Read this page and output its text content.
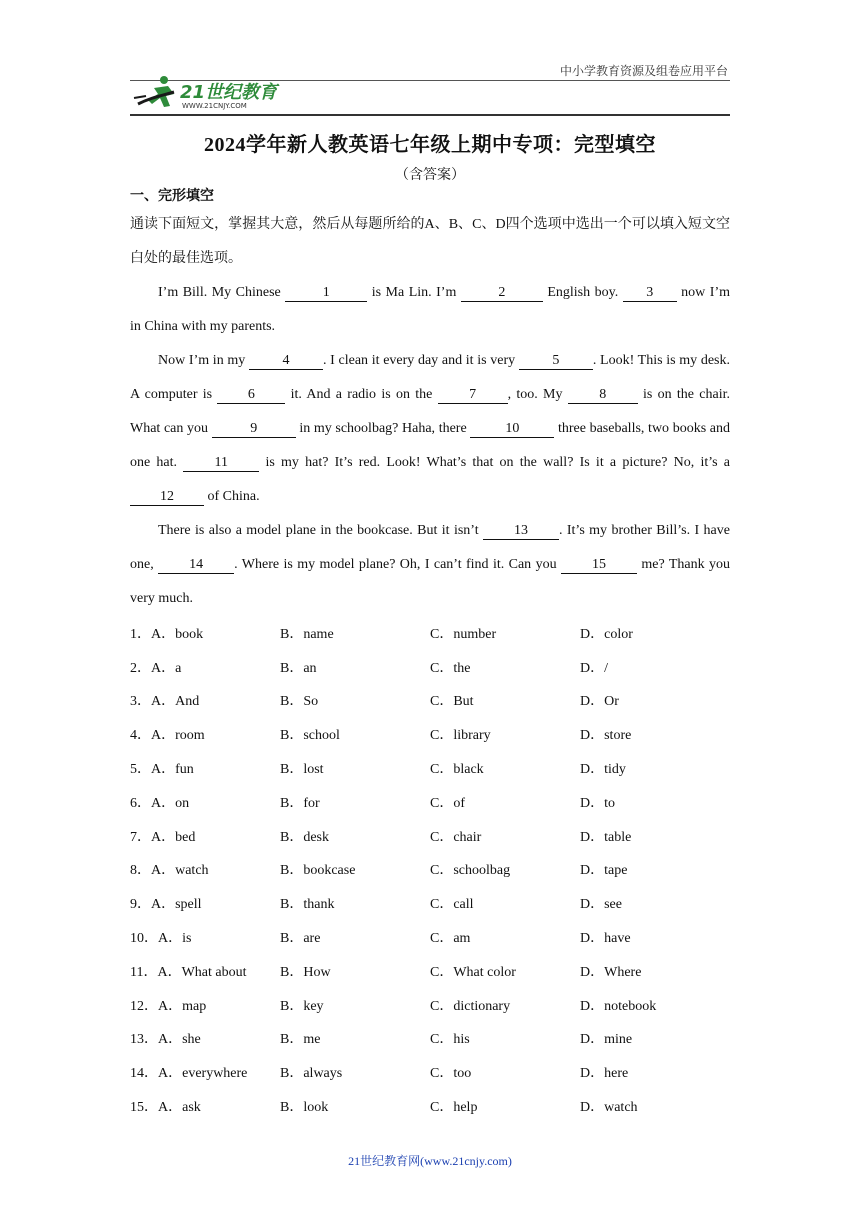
中小学教育资源及组卷应用平台
21世纪教育
WWW.21CNJY.COM
2024学年新人教英语七年级上期中专项：完型填空
（含答案）
一、完形填空

通读下面短文，掌握其大意，然后从每题所给的A、B、C、D四个选项中选出一个可以填入短文空白处的最佳选项。

I’m Bill. My Chinese	1	is Ma Lin. I’m	2	English boy. 3 now I’m in China with my parents.

Now I’m in my 4 . I clean it every day and it is very 5 . Look! This is my desk. A computer is 6 it. And a radio is on the 7 , too. My 8 is on the chair. What can you	9	in my schoolbag? Haha, there	10	three baseballs, two books and one hat. 11 is my hat? It’s red. Look! What’s that on the wall? Is it a picture? No, it’s a 12 of China.

There is also a model plane in the bookcase. But it isn’t 13 . It’s my brother Bill’s. I have one, 14 . Where is my model plane? Oh, I can’t find it. Can you 15 me? Thank you very much.

1．A．book	B．name	C．number	D．color
2．A．a	B．an	C．the	D．/
3．A．And	B．So	C．But	D．Or
4．A．room	B．school	C．library	D．store
5．A．fun	B．lost	C．black	D．tidy
6．A．on	B．for	C．of	D．to
7．A．bed	B．desk	C．chair	D．table
8．A．watch	B．bookcase	C．schoolbag	D．tape
9．A．spell	B．thank	C．call	D．see
10．A．is	B．are	C．am	D．have
11．A．What about	B．How	C．What color	D．Where
12．A．map	B．key	C．dictionary	D．notebook
13．A．she	B．me	C．his	D．mine
14．A．everywhere	B．always	C．too	D．here
15．A．ask	B．look	C．help	D．watch
21世纪教育网(www.21cnjy.com)
